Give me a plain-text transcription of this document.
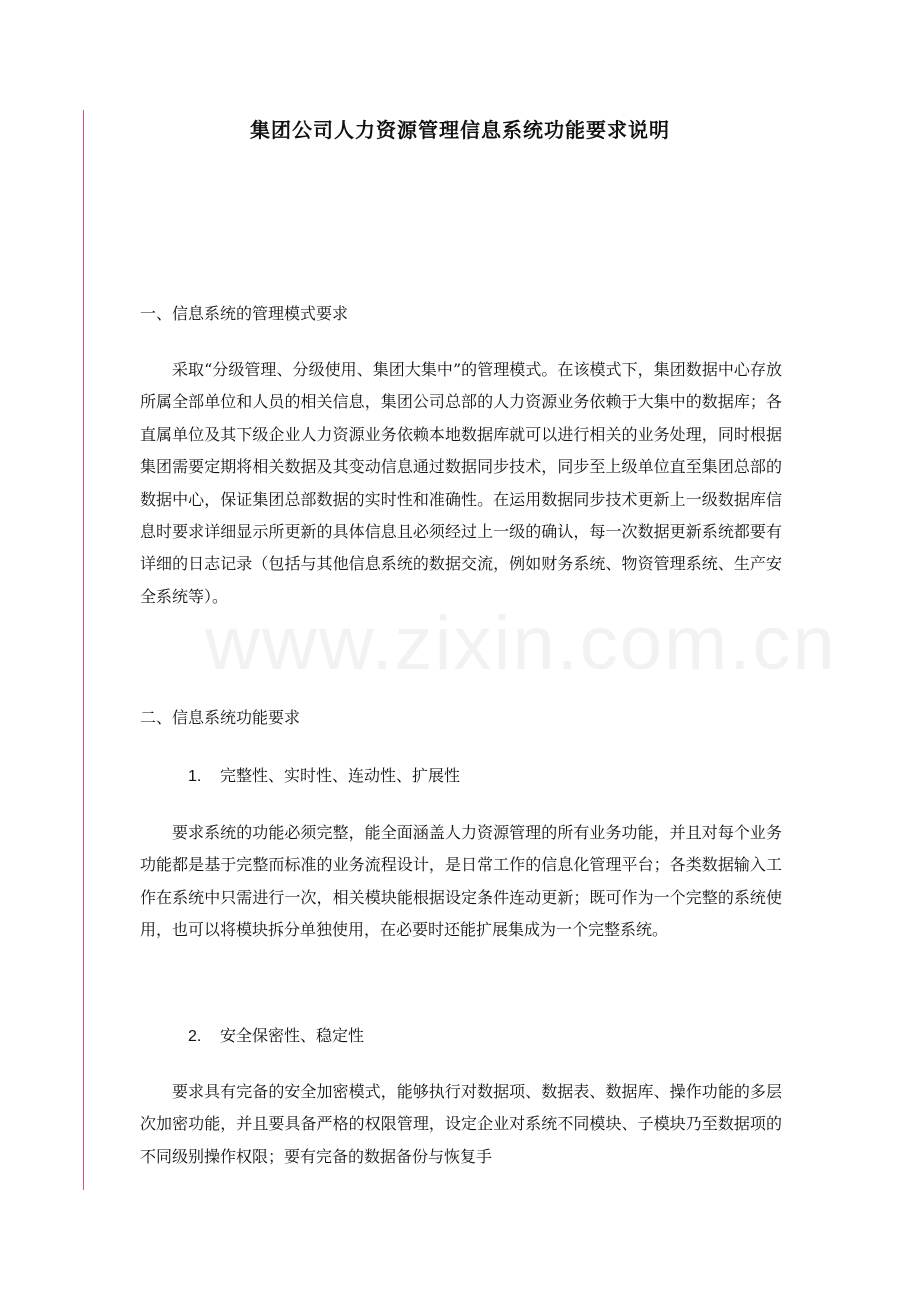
www.zixin.com.cn
集团公司人力资源管理信息系统功能要求说明
一、信息系统的管理模式要求

采取“分级管理、分级使用、集团大集中”的管理模式。在该模式下，集团数据中心存放所属全部单位和人员的相关信息，集团公司总部的人力资源业务依赖于大集中的数据库；各直属单位及其下级企业人力资源业务依赖本地数据库就可以进行相关的业务处理，同时根据集团需要定期将相关数据及其变动信息通过数据同步技术，同步至上级单位直至集团总部的数据中心，保证集团总部数据的实时性和准确性。在运用数据同步技术更新上一级数据库信息时要求详细显示所更新的具体信息且必须经过上一级的确认，每一次数据更新系统都要有详细的日志记录（包括与其他信息系统的数据交流，例如财务系统、物资管理系统、生产安全系统等）。

二、信息系统功能要求
1. 完整性、实时性、连动性、扩展性

要求系统的功能必须完整，能全面涵盖人力资源管理的所有业务功能，并且对每个业务功能都是基于完整而标准的业务流程设计，是日常工作的信息化管理平台；各类数据输入工作在系统中只需进行一次，相关模块能根据设定条件连动更新；既可作为一个完整的系统使用，也可以将模块拆分单独使用，在必要时还能扩展集成为一个完整系统。

2. 安全保密性、稳定性

要求具有完备的安全加密模式，能够执行对数据项、数据表、数据库、操作功能的多层次加密功能，并且要具备严格的权限管理，设定企业对系统不同模块、子模块乃至数据项的不同级别操作权限；要有完备的数据备份与恢复手
